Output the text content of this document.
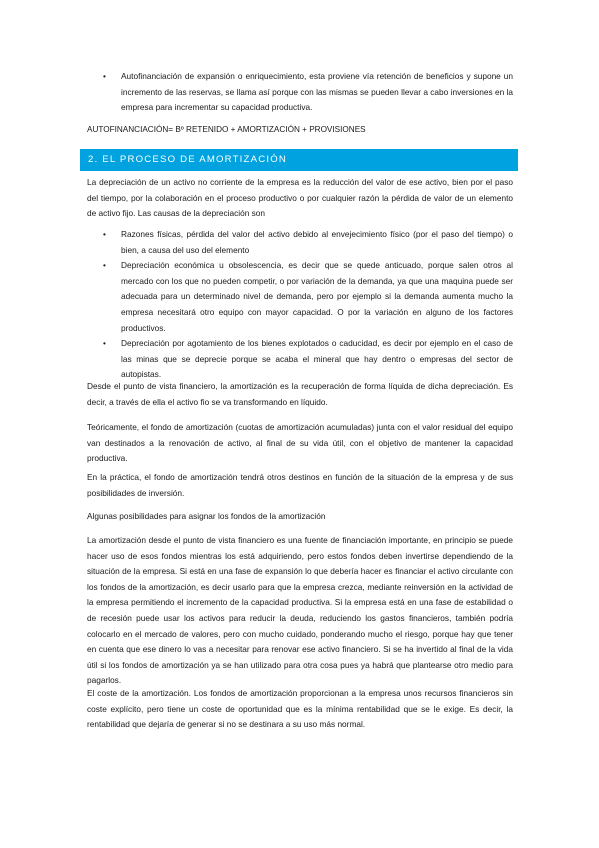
• Autofinanciación de expansión o enriquecimiento, esta proviene vía retención de beneficios y supone un incremento de las reservas, se llama así porque con las mismas se pueden llevar a cabo inversiones en la empresa para incrementar su capacidad productiva.
AUTOFINANCIACIÓN= Bº RETENIDO + AMORTIZACIÓN + PROVISIONES
2. EL PROCESO DE AMORTIZACIÓN

La depreciación de un activo no corriente de la empresa es la reducción del valor de ese activo, bien por el paso del tiempo, por la colaboración en el proceso productivo o por cualquier razón la pérdida de valor de un elemento de activo fijo. Las causas de la depreciación son

• Razones físicas, pérdida del valor del activo debido al envejecimiento físico (por el paso del tiempo) o bien, a causa del uso del elemento
• Depreciación económica u obsolescencia, es decir que se quede anticuado, porque salen otros al mercado con los que no pueden competir, o por variación de la demanda, ya que una maquina puede ser adecuada para un determinado nivel de demanda, pero por ejemplo si la demanda aumenta mucho la empresa necesitará otro equipo con mayor capacidad. O por la variación en alguno de los factores productivos.
• Depreciación por agotamiento de los bienes explotados o caducidad, es decir por ejemplo en el caso de las minas que se deprecie porque se acaba el mineral que hay dentro o empresas del sector de autopistas.

Desde el punto de vista financiero, la amortización es la recuperación de forma líquida de dicha depreciación. Es decir, a través de ella el activo fio se va transformando en líquido.

Teóricamente, el fondo de amortización (cuotas de amortización acumuladas) junta con el valor residual del equipo van destinados a la renovación de activo, al final de su vida útil, con el objetivo de mantener la capacidad productiva.

En la práctica, el fondo de amortización tendrá otros destinos en función de la situación de la empresa y de sus posibilidades de inversión.

Algunas posibilidades para asignar los fondos de la amortización

La amortización desde el punto de vista financiero es una fuente de financiación importante, en principio se puede hacer uso de esos fondos mientras los está adquiriendo, pero estos fondos deben invertirse dependiendo de la situación de la empresa. Si está en una fase de expansión lo que debería hacer es financiar el activo circulante con los fondos de la amortización, es decir usarlo para que la empresa crezca, mediante reinversión en la actividad de la empresa permitiendo el incremento de la capacidad productiva. Si la empresa está en una fase de estabilidad o de recesión puede usar los activos para reducir la deuda, reduciendo los gastos financieros, también podría colocarlo en el mercado de valores, pero con mucho cuidado, ponderando mucho el riesgo, porque hay que tener en cuenta que ese dinero lo vas a necesitar para renovar ese activo financiero. Si se ha invertido al final de la vida útil si los fondos de amortización ya se han utilizado para otra cosa pues ya habrá que plantearse otro medio para pagarlos.

El coste de la amortización. Los fondos de amortización proporcionan a la empresa unos recursos financieros sin coste explícito, pero tiene un coste de oportunidad que es la mínima rentabilidad que se le exige. Es decir, la rentabilidad que dejaría de generar si no se destinara a su uso más normal.
